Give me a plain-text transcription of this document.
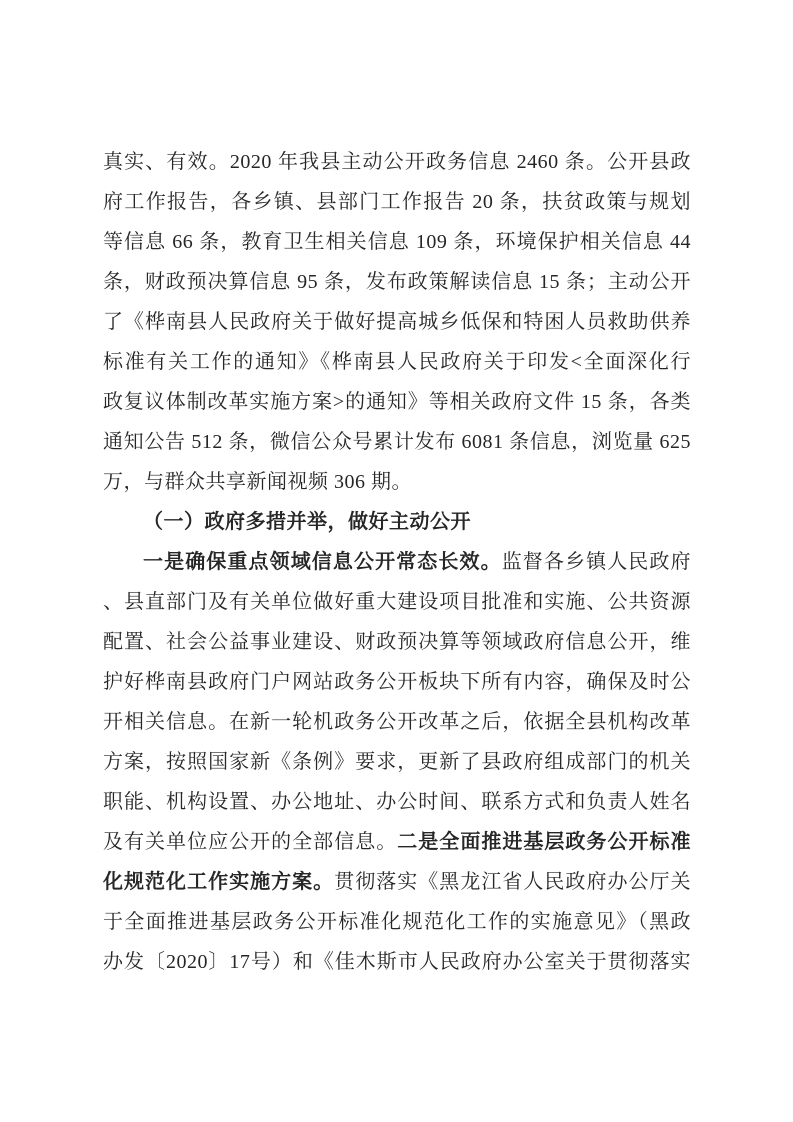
真实、有效。2020 年我县主动公开政务信息 2460 条。公开县政
府工作报告，各乡镇、县部门工作报告 20 条，扶贫政策与规划
等信息 66 条，教育卫生相关信息 109 条，环境保护相关信息 44
条，财政预决算信息 95 条，发布政策解读信息 15 条；主动公开
了《桦南县人民政府关于做好提高城乡低保和特困人员救助供养
标准有关工作的通知》《桦南县人民政府关于印发<全面深化行
政复议体制改革实施方案>的通知》等相关政府文件 15 条，各类
通知公告 512 条，微信公众号累计发布 6081 条信息，浏览量 625
万，与群众共享新闻视频 306 期。
（一）政府多措并举，做好主动公开
一是确保重点领域信息公开常态长效。监督各乡镇人民政府
、县直部门及有关单位做好重大建设项目批准和实施、公共资源
配置、社会公益事业建设、财政预决算等领域政府信息公开，维
护好桦南县政府门户网站政务公开板块下所有内容，确保及时公
开相关信息。在新一轮机政务公开改革之后，依据全县机构改革
方案，按照国家新《条例》要求，更新了县政府组成部门的机关
职能、机构设置、办公地址、办公时间、联系方式和负责人姓名
及有关单位应公开的全部信息。二是全面推进基层政务公开标准
化规范化工作实施方案。贯彻落实《黑龙江省人民政府办公厅关
于全面推进基层政务公开标准化规范化工作的实施意见》（黑政
办发〔2020〕17号）和《佳木斯市人民政府办公室关于贯彻落实
